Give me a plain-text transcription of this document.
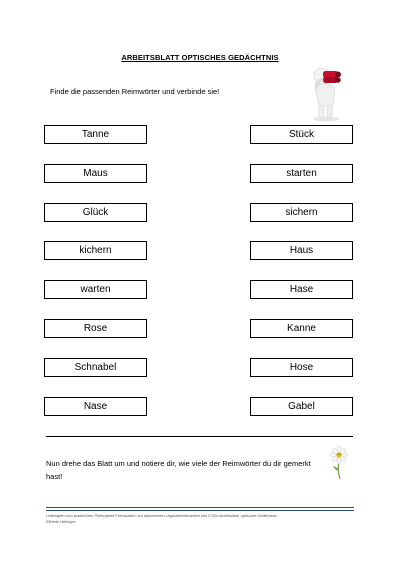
ARBEITSBLATT OPTISCHES GEDÄCHTNIS
Finde die passenden Reimwörter und verbinde sie!
Tanne
Maus
Glück
kichern
warten
Rose
Schnabel
Nase
Stück
starten
sichern
Haus
Hase
Kanne
Hose
Gabel
Nun drehe das Blatt um und notiere dir, wie viele der Reimwörter du dir gemerkt hast!
Unterlagen zum praktischen Prüfungsteil Fernstudium zur diplomierten Legasthenietrainerin des EÖDL/Arbeitsblatt_optischer Gedächtnis
Elfriede Hiltzinger
